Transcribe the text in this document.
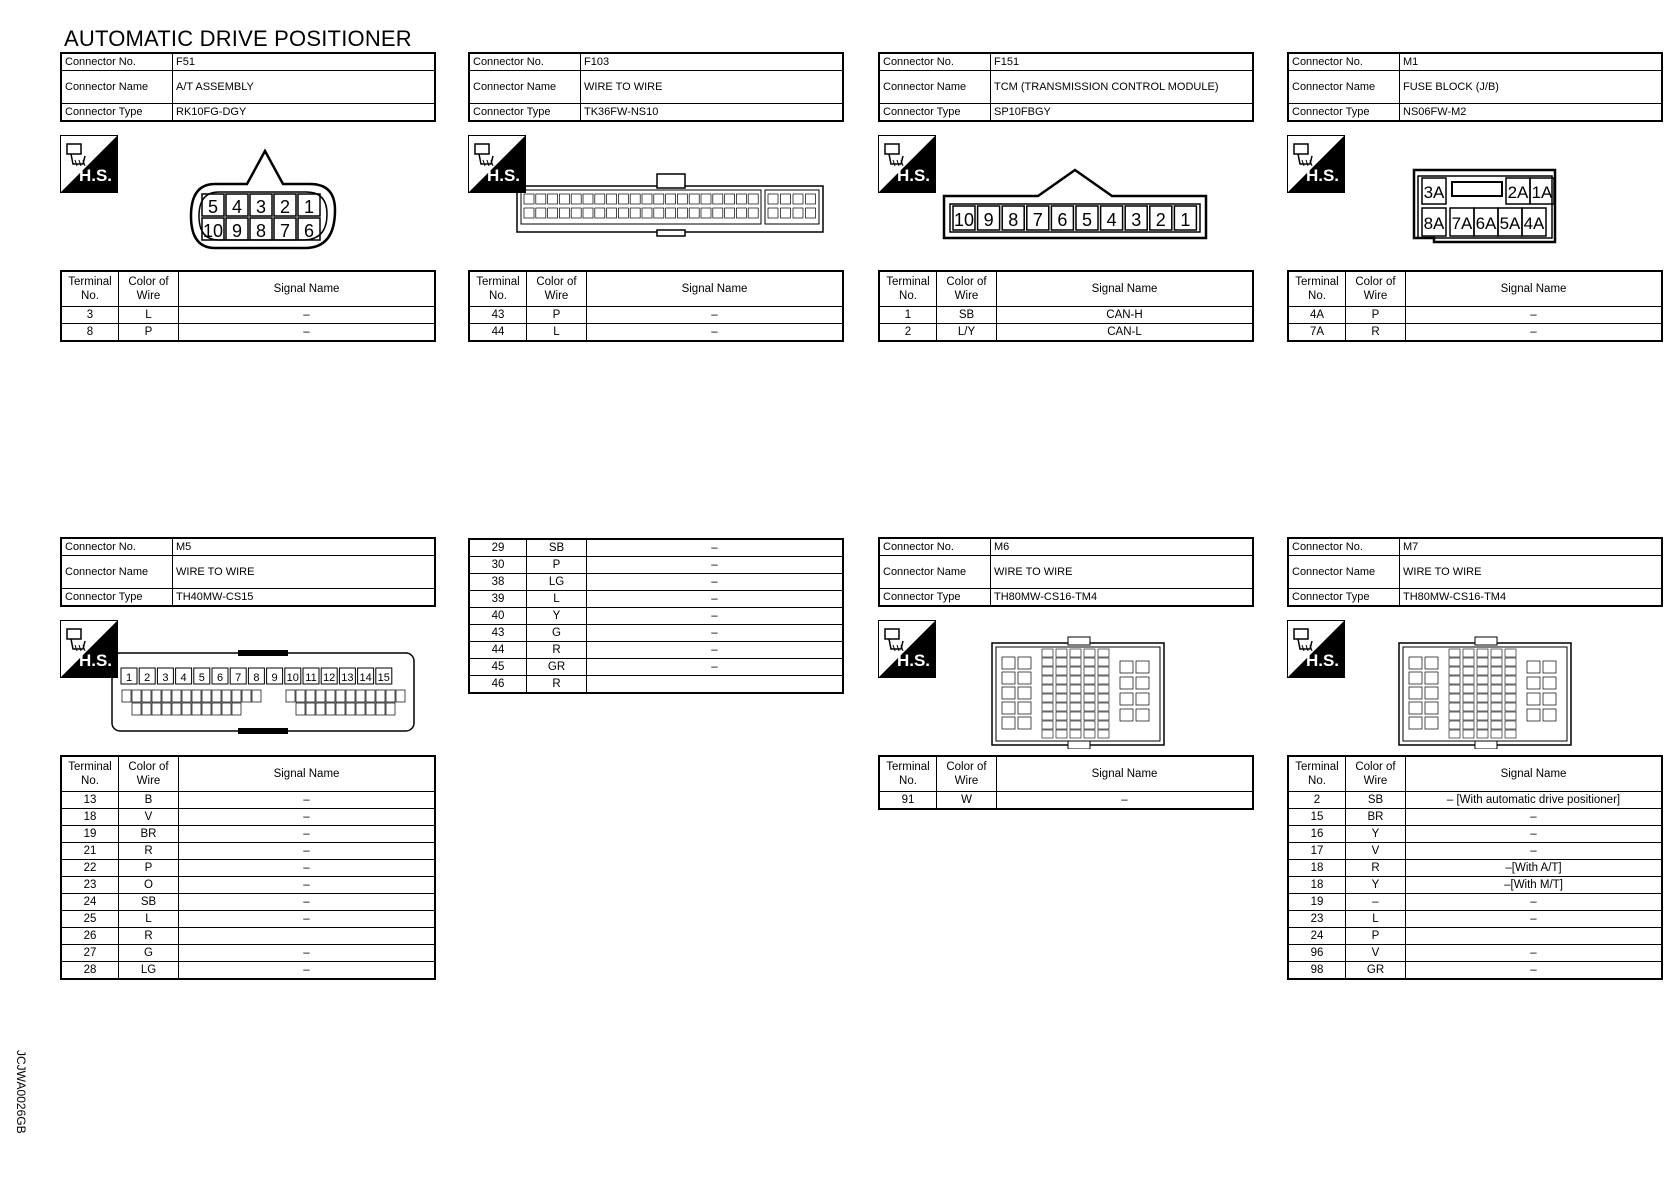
AUTOMATIC DRIVE POSITIONER
JCJWA0026GB
Connector No.	F51
Connector Name	A/T ASSEMBLY
Connector Type	RK10FG-DGY
H.S.
Terminal No.	Color of Wire	Signal Name
3	L	–
8	P	–
5
10
4
9
3
8
2
7
1
6
Connector No.	F103
Connector Name	WIRE TO WIRE
Connector Type	TK36FW-NS10
H.S.
Terminal No.	Color of Wire	Signal Name
43	P	–
44	L	–
Connector No.	F151
Connector Name	TCM (TRANSMISSION CONTROL MODULE)
Connector Type	SP10FBGY
H.S.
Terminal No.	Color of Wire	Signal Name
1	SB	CAN-H
2	L/Y	CAN-L
10 9 8 7 6 5 4 3 2 1
Connector No.	M1
Connector Name	FUSE BLOCK (J/B)
Connector Type	NS06FW-M2
H.S.
Terminal No.	Color of Wire	Signal Name
4A	P	–
7A	R	–
3A	2A 1A
8A 7A 6A 5A 4A
Connector No.	M5
Connector Name	WIRE TO WIRE
Connector Type	TH40MW-CS15
H.S.
Terminal No.	Color of Wire	Signal Name
13	B	–
18	V	–
19	BR	–
21	R	–
22	P	–
23	O	–
24	SB	–
25	L	–
26	R	
27	G	–
28	LG	–
29	SB	–
30	P	–
38	LG	–
39	L	–
40	Y	–
43	G	–
44	R	–
45	GR	–
46	R	
1 2 3 4 5 6 7 8 9 10 11 12 13 14 15
Connector No.	M6
Connector Name	WIRE TO WIRE
Connector Type	TH80MW-CS16-TM4
H.S.
Terminal No.	Color of Wire	Signal Name
91	W	–
Connector No.	M7
Connector Name	WIRE TO WIRE
Connector Type	TH80MW-CS16-TM4
H.S.
Terminal No.	Color of Wire	Signal Name
2	SB	– [With automatic drive positioner]
15	BR	–
16	Y	–
17	V	–
18	R	–[With A/T]
18	Y	–[With M/T]
19	–	–
23	L	–
24	P	
96	V	–
98	GR	–
